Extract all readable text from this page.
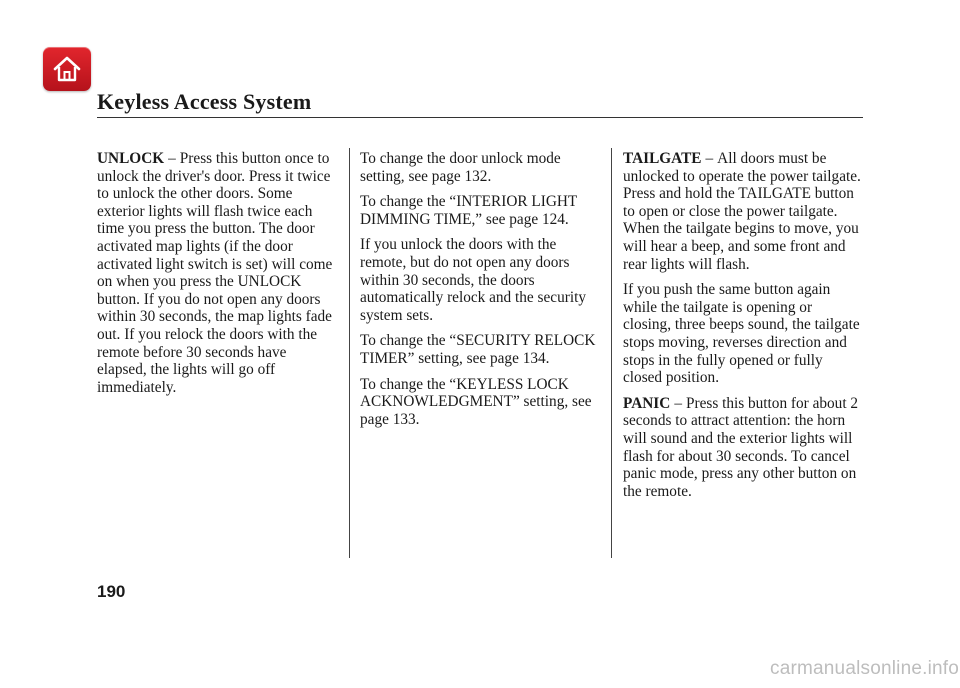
Keyless Access System

UNLOCK – Press this button once to unlock the driver's door. Press it twice to unlock the other doors. Some exterior lights will flash twice each time you press the button. The door activated map lights (if the door activated light switch is set) will come on when you press the UNLOCK button. If you do not open any doors within 30 seconds, the map lights fade out. If you relock the doors with the remote before 30 seconds have elapsed, the lights will go off immediately.

To change the door unlock mode setting, see page 132.

To change the “INTERIOR LIGHT DIMMING TIME,” see page 124.

If you unlock the doors with the remote, but do not open any doors within 30 seconds, the doors automatically relock and the security system sets.

To change the “SECURITY RELOCK TIMER” setting, see page 134.

To change the “KEYLESS LOCK ACKNOWLEDGMENT” setting, see page 133.

TAILGATE – All doors must be unlocked to operate the power tailgate. Press and hold the TAILGATE button to open or close the power tailgate. When the tailgate begins to move, you will hear a beep, and some front and rear lights will flash.

If you push the same button again while the tailgate is opening or closing, three beeps sound, the tailgate stops moving, reverses direction and stops in the fully opened or fully closed position.

PANIC – Press this button for about 2 seconds to attract attention: the horn will sound and the exterior lights will flash for about 30 seconds. To cancel panic mode, press any other button on the remote.

190
carmanualsonline.info
